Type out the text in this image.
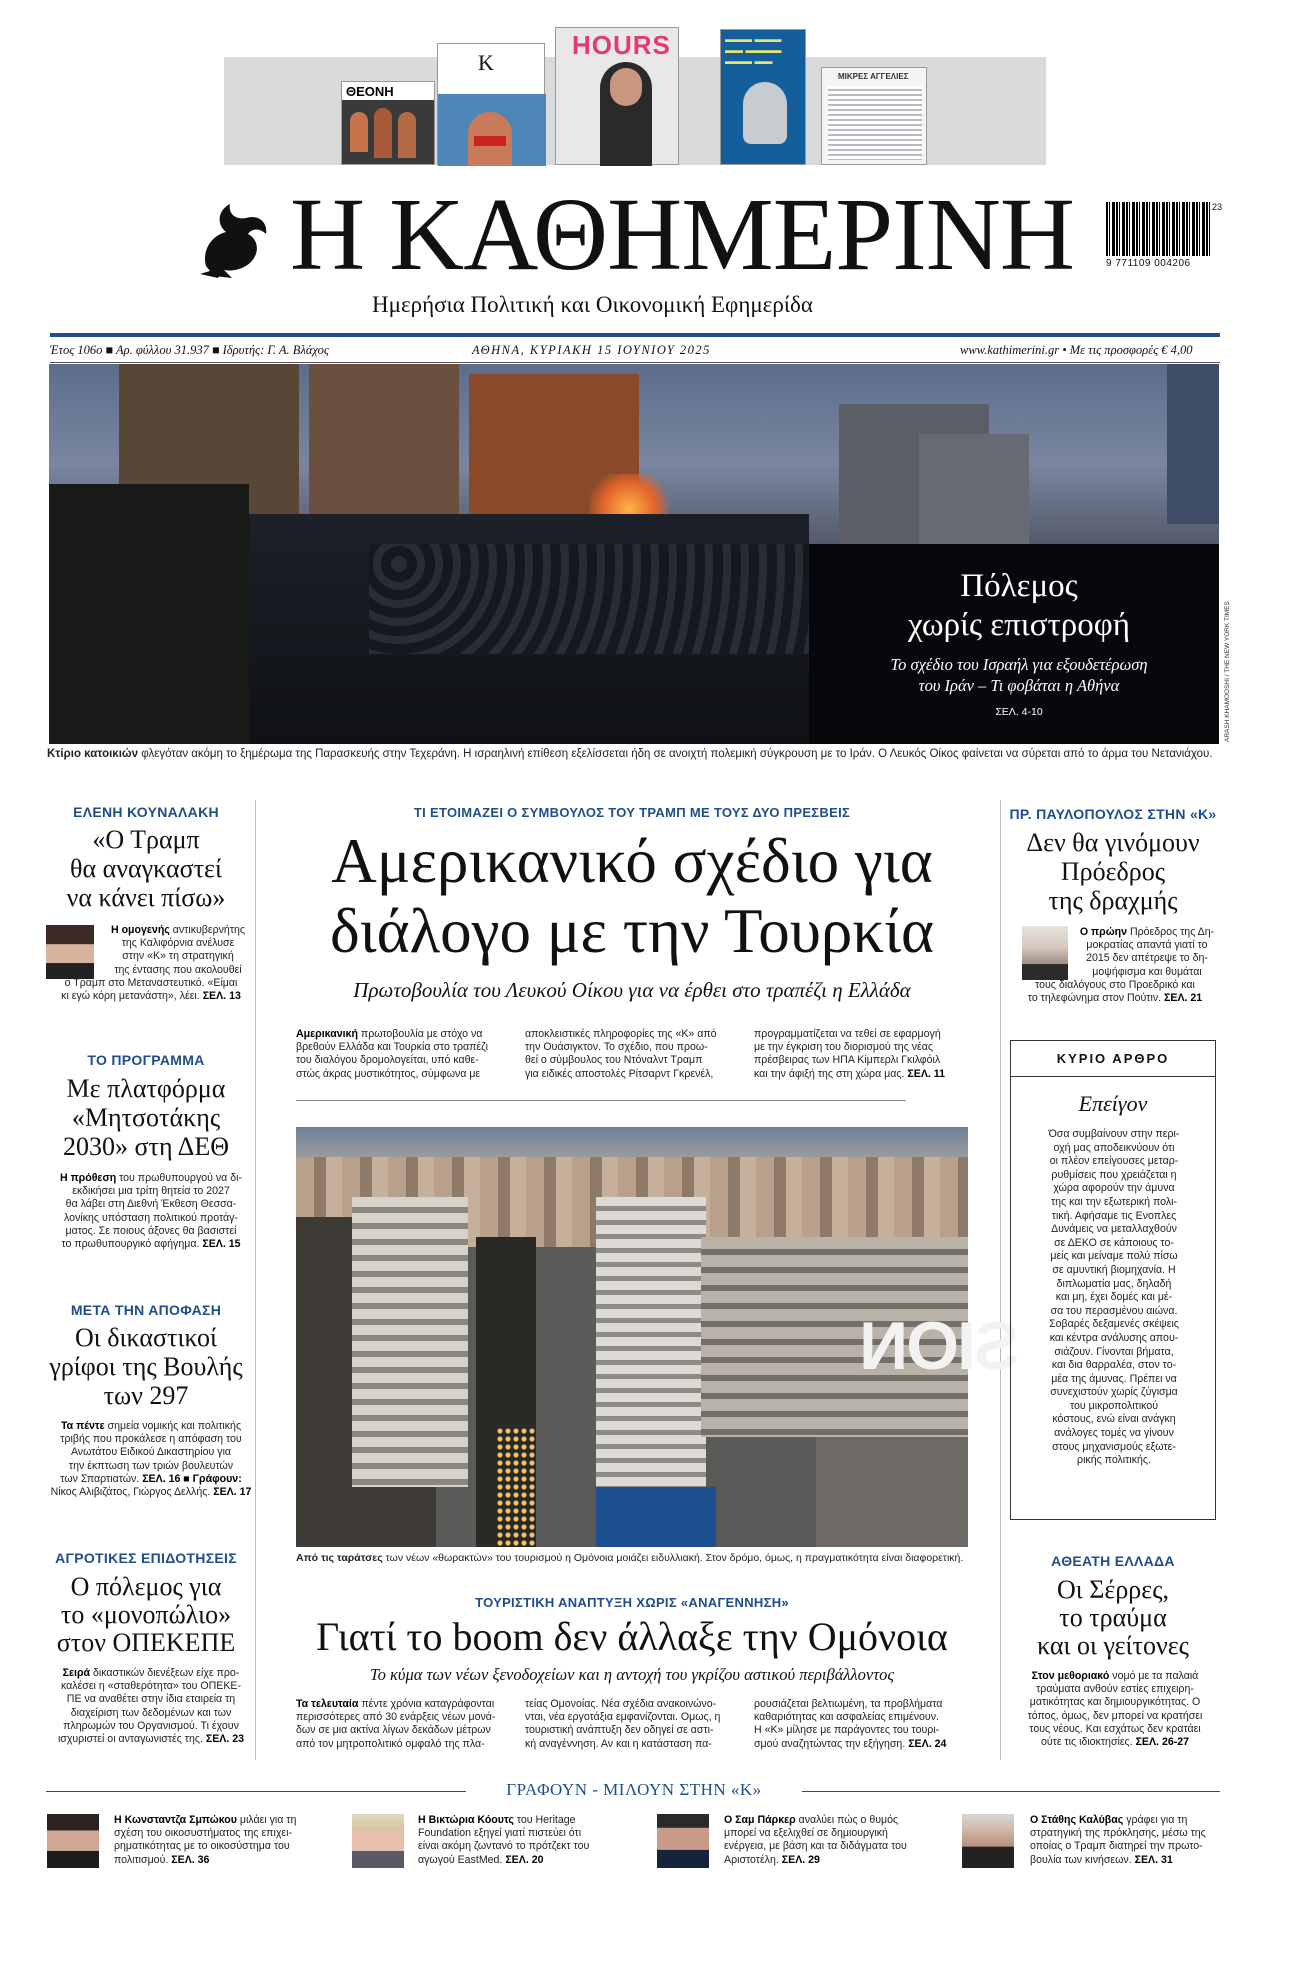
ΘΕΟΝΗ
K
HOURS	▬▬▬ ▬▬▬
▬▬ ▬▬▬▬
▬▬▬ ▬▬
ΜΙΚΡΕΣ ΑΓΓΕΛΙΕΣ
Η ΚΑΘΗΜΕΡΙΝΗ
Ημερήσια Πολιτική και Οικονομική Εφημερίδα
23
9 771109 004206
Έτος 106ο ■ Αρ. φύλλου 31.937 ■ Ιδρυτής: Γ. Α. Βλάχος	ΑΘΗΝΑ, ΚΥΡΙΑΚΗ 15 ΙΟΥΝΙΟΥ 2025	www.kathimerini.gr • Με τις προσφορές € 4,00
Πόλεμος
χωρίς επιστροφή
Το σχέδιο του Ισραήλ για εξουδετέρωση
του Ιράν – Τι φοβάται η Αθήνα
ΣΕΛ. 4-10	ARASH KHAMOOSHI / THE NEW YORK TIMES
Κτίριο κατοικιών φλεγόταν ακόμη το ξημέρωμα της Παρασκευής στην Τεχεράνη. Η ισραηλινή επίθεση εξελίσσεται ήδη σε ανοιχτή πολεμική σύγκρουση με το Ιράν. Ο Λευκός Οίκος φαίνεται να σύρεται από το άρμα του Νετανιάχου.
ΕΛΕΝΗ ΚΟΥΝΑΛΑΚΗ
«Ο Τραμπ
θα αναγκαστεί
να κάνει πίσω»
Η ομογενής αντικυβερνήτης
της Καλιφόρνια ανέλυσε
στην «Κ» τη στρατηγική
της έντασης που ακολουθεί
ο Τραμπ στο Μεταναστευτικό. «Είμαι
κι εγώ κόρη μετανάστη», λέει. ΣΕΛ. 13
ΤΟ ΠΡΟΓΡΑΜΜΑ
Με πλατφόρμα
«Μητσοτάκης
2030» στη ΔΕΘ
Η πρόθεση του πρωθυπουργού να δι-
εκδικήσει μια τρίτη θητεία το 2027
θα λάβει στη Διεθνή Έκθεση Θεσσα-
λονίκης υπόσταση πολιτικού προτάγ-
ματος. Σε ποιους άξονες θα βασιστεί
το πρωθυπουργικό αφήγημα. ΣΕΛ. 15
ΜΕΤΑ ΤΗΝ ΑΠΟΦΑΣΗ
Οι δικαστικοί
γρίφοι της Βουλής
των 297
Τα πέντε σημεία νομικής και πολιτικής
τριβής που προκάλεσε η απόφαση του
Ανωτάτου Ειδικού Δικαστηρίου για
την έκπτωση των τριών βουλευτών
των Σπαρτιατών. ΣΕΛ. 16 ■ Γράφουν:
Νίκος Αλιβιζάτος, Γιώργος Δελλής. ΣΕΛ. 17
ΑΓΡΟΤΙΚΕΣ ΕΠΙΔΟΤΗΣΕΙΣ
Ο πόλεμος για
το «μονοπώλιο»
στον ΟΠΕΚΕΠΕ
Σειρά δικαστικών διενέξεων είχε προ-
καλέσει η «σταθερότητα» του ΟΠΕΚΕ-
ΠΕ να αναθέτει στην ίδια εταιρεία τη
διαχείριση των δεδομένων και των
πληρωμών του Οργανισμού. Τι έχουν
ισχυριστεί οι ανταγωνιστές της. ΣΕΛ. 23
ΤΙ ΕΤΟΙΜΑΖΕΙ Ο ΣΥΜΒΟΥΛΟΣ ΤΟΥ ΤΡΑΜΠ ΜΕ ΤΟΥΣ ΔΥΟ ΠΡΕΣΒΕΙΣ
Αμερικανικό σχέδιο για
διάλογο με την Τουρκία
Πρωτοβουλία του Λευκού Οίκου για να έρθει στο τραπέζι η Ελλάδα
Αμερικανική πρωτοβουλία με στόχο να
βρεθούν Ελλάδα και Τουρκία στο τραπέζι
του διαλόγου δρομολογείται, υπό καθε-
στώς άκρας μυστικότητος, σύμφωνα με
αποκλειστικές πληροφορίες της «Κ» από
την Ουάσιγκτον. Το σχέδιο, που προω-
θεί ο σύμβουλος του Ντόναλντ Τραμπ
για ειδικές αποστολές Ρίτσαρντ Γκρενέλ,
προγραμματίζεται να τεθεί σε εφαρμογή
με την έγκριση του διορισμού της νέας
πρέσβειρας των ΗΠΑ Κίμπερλι Γκιλφόιλ
και την άφιξή της στη χώρα μας. ΣΕΛ. 11
SION
Από τις ταράτσες των νέων «θωρακτών» του τουρισμού η Ομόνοια μοιάζει ειδυλλιακή. Στον δρόμο, όμως, η πραγματικότητα είναι διαφορετική.
ΤΟΥΡΙΣΤΙΚΗ ΑΝΑΠΤΥΞΗ ΧΩΡΙΣ «ΑΝΑΓΕΝΝΗΣΗ»
Γιατί το boom δεν άλλαξε την Ομόνοια
Το κύμα των νέων ξενοδοχείων και η αντοχή του γκρίζου αστικού περιβάλλοντος
Τα τελευταία πέντε χρόνια καταγράφονται
περισσότερες από 30 ενάρξεις νέων μονά-
δων σε μια ακτίνα λίγων δεκάδων μέτρων
από τον μητροπολιτικό ομφαλό της πλα-
τείας Ομονοίας. Νέα σχέδια ανακοινώνο-
νται, νέα εργοτάξια εμφανίζονται. Ομως, η
τουριστική ανάπτυξη δεν οδηγεί σε αστι-
κή αναγέννηση. Αν και η κατάσταση πα-
ρουσιάζεται βελτιωμένη, τα προβλήματα
καθαριότητας και ασφαλείας επιμένουν.
Η «Κ» μίλησε με παράγοντες του τουρι-
σμού αναζητώντας την εξήγηση. ΣΕΛ. 24
ΠΡ. ΠΑΥΛΟΠΟΥΛΟΣ ΣΤΗΝ «Κ»
Δεν θα γινόμουν
Πρόεδρος
της δραχμής
Ο πρώην Πρόεδρος της Δη-
μοκρατίας απαντά γιατί το
2015 δεν απέτρεψε το δη-
μοψήφισμα και θυμάται
τους διαλόγους στο Προεδρικό και
το τηλεφώνημα στον Πούτιν. ΣΕΛ. 21
ΚΥΡΙΟ ΑΡΘΡΟ
Επείγον
Όσα συμβαίνουν στην περι-
οχή μας αποδεικνύουν ότι
οι πλέον επείγουσες μεταρ-
ρυθμίσεις που χρειάζεται η
χώρα αφορούν την άμυνα
της και την εξωτερική πολι-
τική. Αφήσαμε τις Ενοπλες
Δυνάμεις να μεταλλαχθούν
σε ΔΕΚΟ σε κάποιους το-
μείς και μείναμε πολύ πίσω
σε αμυντική βιομηχανία. Η
διπλωματία μας, δηλαδή
και μη, έχει δομές και μέ-
σα του περασμένου αιώνα.
Σοβαρές δεξαμενές σκέψεις
και κέντρα ανάλυσης απου-
σιάζουν. Γίνονται βήματα,
και δια θαρραλέα, στον το-
μέα της άμυνας. Πρέπει να
συνεχιστούν χωρίς ζύγισμα
του μικροπολιτικού
κόστους, ενώ είναι ανάγκη
ανάλογες τομές να γίνουν
στους μηχανισμούς εξωτε-
ρικής πολιτικής.
ΑΘΕΑΤΗ ΕΛΛΑΔΑ
Οι Σέρρες,
το τραύμα
και οι γείτονες
Στον μεθοριακό νομό με τα παλαιά
τραύματα ανθούν εστίες επιχειρη-
ματικότητας και δημιουργικότητας. Ο
τόπος, όμως, δεν μπορεί να κρατήσει
τους νέους. Και εσχάτως δεν κρατάει
ούτε τις ιδιοκτησίες. ΣΕΛ. 26-27
ΓΡΑΦΟΥΝ - ΜΙΛΟΥΝ ΣΤΗΝ «Κ»
Η Κωνσταντζα Σμπώκου μιλάει για τη
σχέση του οικοσυστήματος της επιχει-
ρηματικότητας με το οικοσύστημα του
πολιτισμού. ΣΕΛ. 36
Η Βικτώρια Κόουτς του Heritage
Foundation εξηγεί γιατί πιστεύει ότι
είναι ακόμη ζωντανό το πρότζεκτ του
αγωγού EastMed. ΣΕΛ. 20
Ο Σαμ Πάρκερ αναλύει πώς ο θυμός
μπορεί να εξελιχθεί σε δημιουργική
ενέργεια, με βάση και τα διδάγματα του
Αριστοτέλη. ΣΕΛ. 29
Ο Στάθης Καλύβας γράφει για τη
στρατηγική της πρόκλησης, μέσω της
οποίας ο Τραμπ διατηρεί την πρωτο-
βουλία των κινήσεων. ΣΕΛ. 31
